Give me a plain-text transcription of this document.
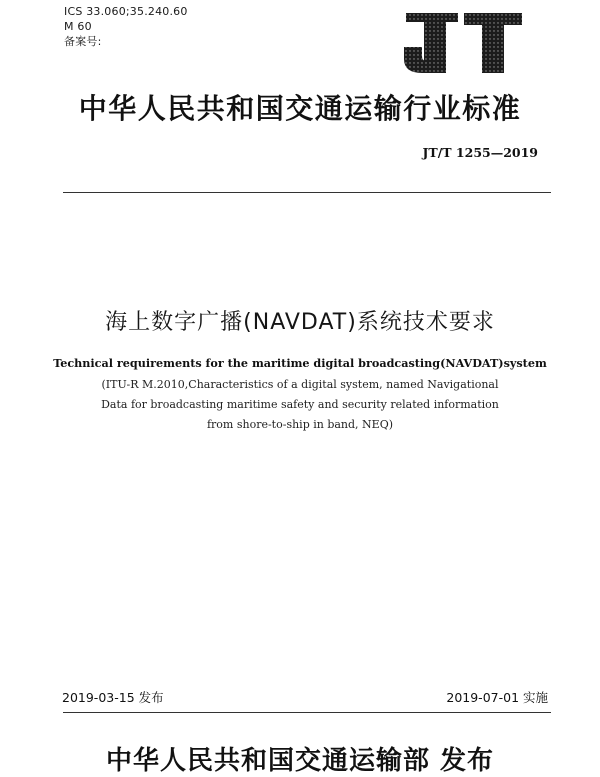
ICS 33.060;35.240.60
M 60
备案号:
JT
中华人民共和国交通运输行业标准
JT/T 1255—2019
海上数字广播(NAVDAT)系统技术要求
Technical requirements for the maritime digital broadcasting(NAVDAT)system
(ITU-R M.2010,Characteristics of a digital system, named Navigational
Data for broadcasting maritime safety and security related information
from shore-to-ship in band, NEQ)
2019-03-15 发布	2019-07-01 实施
中华人民共和国交通运输部 发布
